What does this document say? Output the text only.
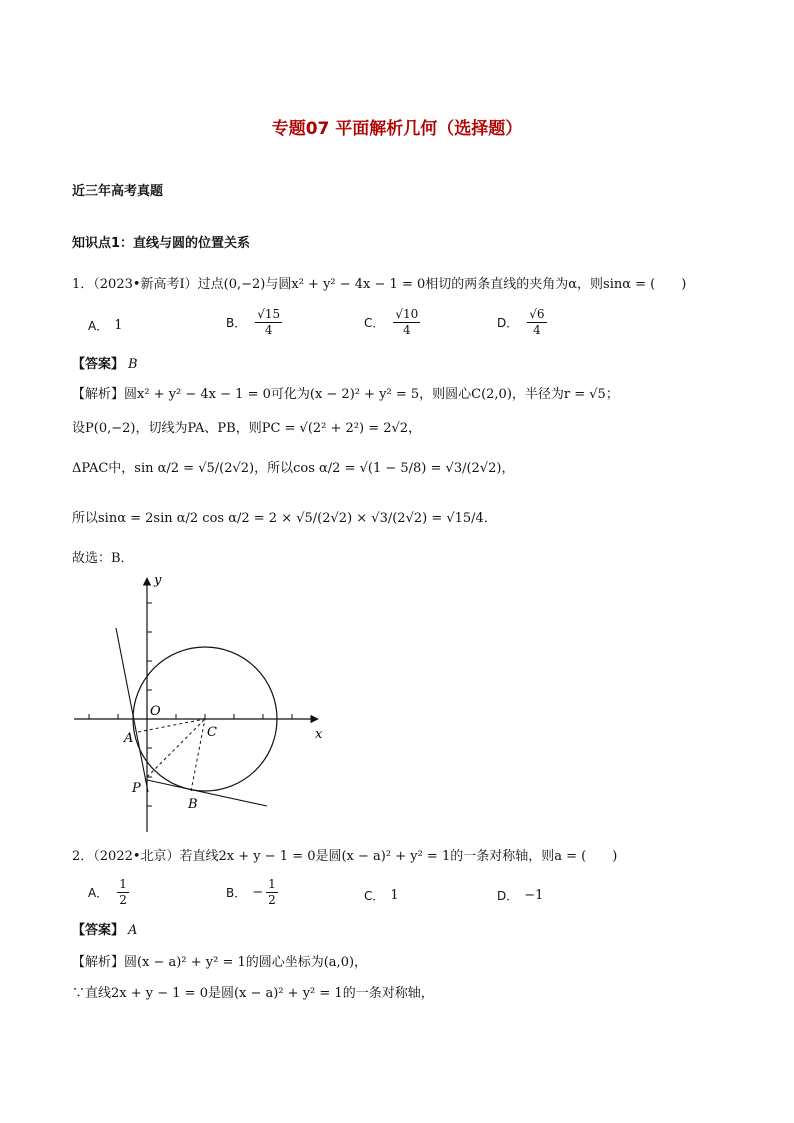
专题07 平面解析几何（选择题）
近三年高考真题
知识点1：直线与圆的位置关系
1．（2023•新高考Ⅰ）过点(0,−2)与圆x² + y² − 4x − 1 = 0相切的两条直线的夹角为α，则sinα = (　　)
A． 1	B． $\frac{√15}{4}$	C． $\frac{√10}{4}$	D． $\frac{√6}{4}$
【答案】 B
【解析】圆x² + y² − 4x − 1 = 0可化为(x − 2)² + y² = 5，则圆心C(2,0)，半径为r = √5；
设P(0,−2)，切线为PA、PB，则PC = √(2² + 2²) = 2√2，
ΔPAC中，sin α/2 = √5/(2√2)，所以cos α/2 = √(1 − 5/8) = √3/(2√2)，
所以sinα = 2sin α/2 cos α/2 = 2 × √5/(2√2) × √3/(2√2) = √15/4．
故选：B．
y
x
O
A	C
P
B
2．（2022•北京）若直线2x + y − 1 = 0是圆(x − a)² + y² = 1的一条对称轴，则a = (　　)
A． $\frac{1}{2}$	B． − $\frac{1}{2}$	C． 1	D． −1
【答案】 A
【解析】圆(x − a)² + y² = 1的圆心坐标为(a,0)，
∵直线2x + y − 1 = 0是圆(x − a)² + y² = 1的一条对称轴，
